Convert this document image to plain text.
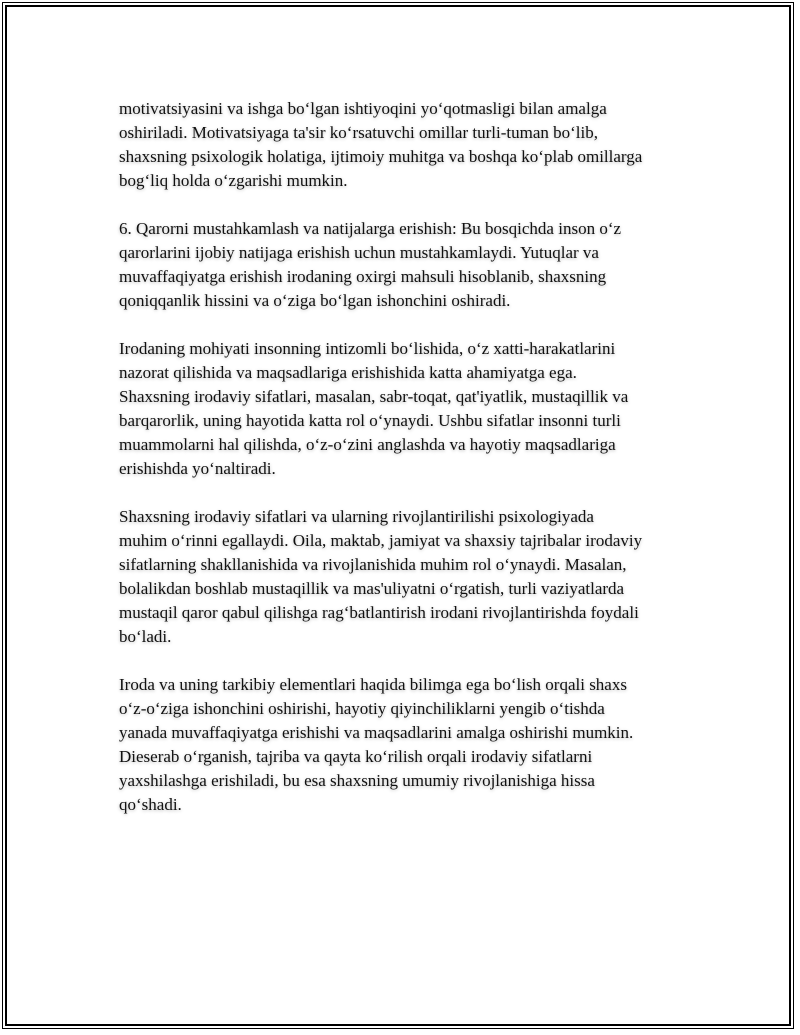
motivatsiyasini va ishga boʻlgan ishtiyoqini yoʻqotmasligi bilan amalga
oshiriladi. Motivatsiyaga ta'sir koʻrsatuvchi omillar turli-tuman boʻlib,
shaxsning psixologik holatiga, ijtimoiy muhitga va boshqa koʻplab omillarga
bogʻliq holda oʻzgarishi mumkin.

6. Qarorni mustahkamlash va natijalarga erishish: Bu bosqichda inson oʻz
qarorlarini ijobiy natijaga erishish uchun mustahkamlaydi. Yutuqlar va
muvaffaqiyatga erishish irodaning oxirgi mahsuli hisoblanib, shaxsning
qoniqqanlik hissini va oʻziga boʻlgan ishonchini oshiradi.

Irodaning mohiyati insonning intizomli boʻlishida, oʻz xatti-harakatlarini
nazorat qilishida va maqsadlariga erishishida katta ahamiyatga ega.
Shaxsning irodaviy sifatlari, masalan, sabr-toqat, qat'iyatlik, mustaqillik va
barqarorlik, uning hayotida katta rol oʻynaydi. Ushbu sifatlar insonni turli
muammolarni hal qilishda, oʻz-oʻzini anglashda va hayotiy maqsadlariga
erishishda yoʻnaltiradi.

Shaxsning irodaviy sifatlari va ularning rivojlantirilishi psixologiyada
muhim oʻrinni egallaydi. Oila, maktab, jamiyat va shaxsiy tajribalar irodaviy
sifatlarning shakllanishida va rivojlanishida muhim rol oʻynaydi. Masalan,
bolalikdan boshlab mustaqillik va mas'uliyatni oʻrgatish, turli vaziyatlarda
mustaqil qaror qabul qilishga ragʻbatlantirish irodani rivojlantirishda foydali
boʻladi.

Iroda va uning tarkibiy elementlari haqida bilimga ega boʻlish orqali shaxs
oʻz-oʻziga ishonchini oshirishi, hayotiy qiyinchiliklarni yengib oʻtishda
yanada muvaffaqiyatga erishishi va maqsadlarini amalga oshirishi mumkin.
Dieserab oʻrganish, tajriba va qayta koʻrilish orqali irodaviy sifatlarni
yaxshilashga erishiladi, bu esa shaxsning umumiy rivojlanishiga hissa
qoʻshadi.
